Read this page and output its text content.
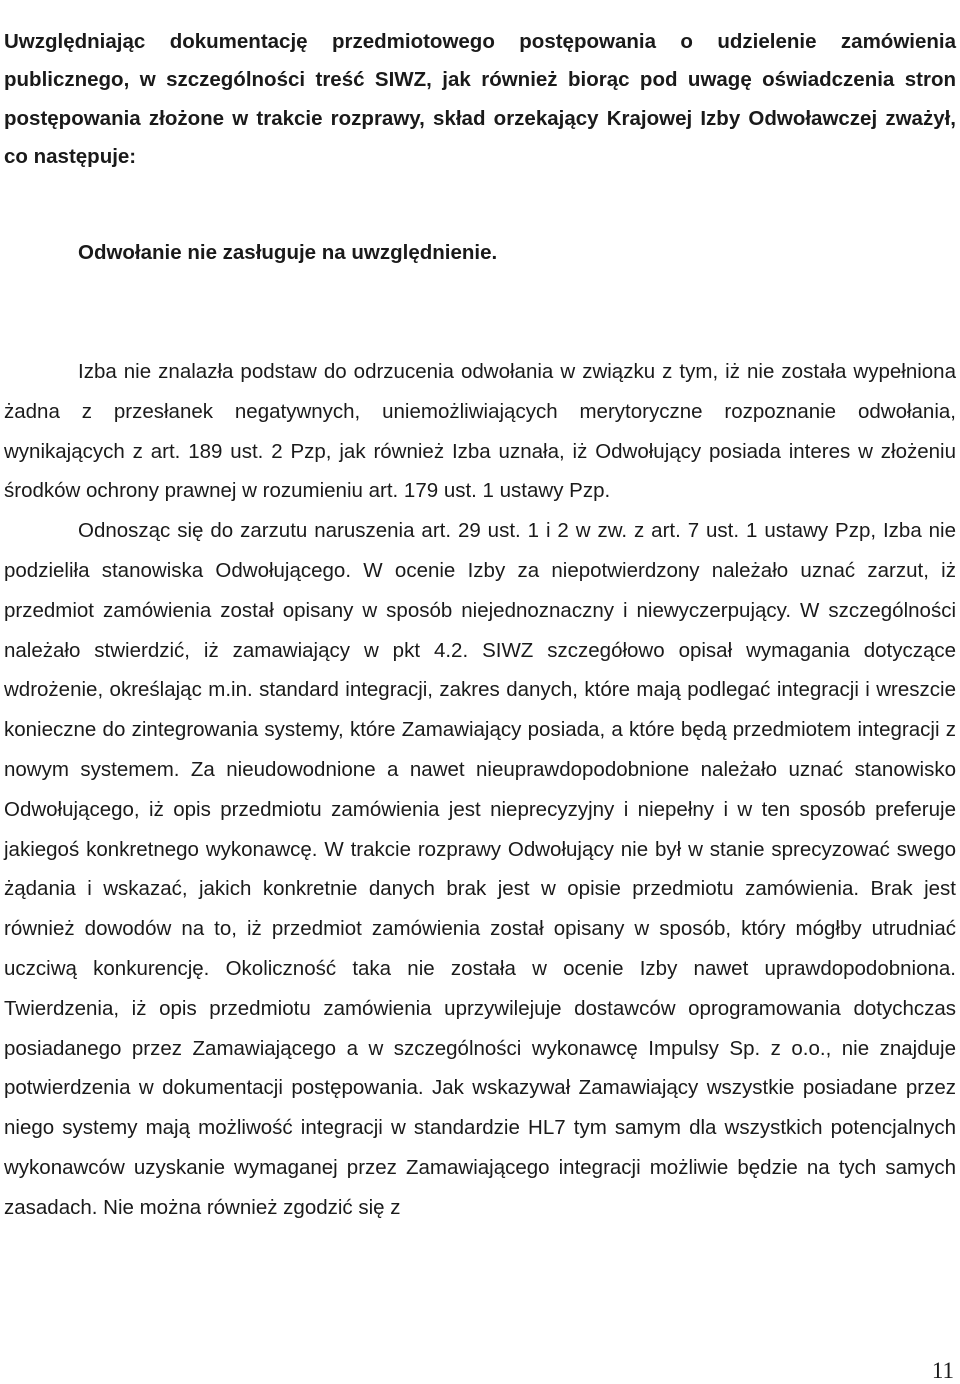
Uwzględniając dokumentację przedmiotowego postępowania o udzielenie zamówienia publicznego, w szczególności treść SIWZ, jak również biorąc pod uwagę oświadczenia stron postępowania złożone w trakcie rozprawy, skład orzekający Krajowej Izby Odwoławczej zważył, co następuje:

Odwołanie nie zasługuje na uwzględnienie.

Izba nie znalazła podstaw do odrzucenia odwołania w związku z tym, iż nie została wypełniona żadna z przesłanek negatywnych, uniemożliwiających merytoryczne rozpoznanie odwołania, wynikających z art. 189 ust. 2 Pzp, jak również Izba uznała, iż Odwołujący posiada interes w złożeniu środków ochrony prawnej w rozumieniu art. 179 ust. 1 ustawy Pzp.

Odnosząc się do zarzutu naruszenia art. 29 ust. 1 i 2 w zw. z art. 7 ust. 1 ustawy Pzp, Izba nie podzieliła stanowiska Odwołującego. W ocenie Izby za niepotwierdzony należało uznać zarzut, iż przedmiot zamówienia został opisany w sposób niejednoznaczny i niewyczerpujący. W szczególności należało stwierdzić, iż zamawiający w pkt 4.2. SIWZ szczegółowo opisał wymagania dotyczące wdrożenie, określając m.in. standard integracji, zakres danych, które mają podlegać integracji i wreszcie konieczne do zintegrowania systemy, które Zamawiający posiada, a które będą przedmiotem integracji z nowym systemem. Za nieudowodnione a nawet nieuprawdopodobnione należało uznać stanowisko Odwołującego, iż opis przedmiotu zamówienia jest nieprecyzyjny i niepełny i w ten sposób preferuje jakiegoś konkretnego wykonawcę. W trakcie rozprawy Odwołujący nie był w stanie sprecyzować swego żądania i wskazać, jakich konkretnie danych brak jest w opisie przedmiotu zamówienia. Brak jest również dowodów na to, iż przedmiot zamówienia został opisany w sposób, który mógłby utrudniać uczciwą konkurencję. Okoliczność taka nie została w ocenie Izby nawet uprawdopodobniona. Twierdzenia, iż opis przedmiotu zamówienia uprzywilejuje dostawców oprogramowania dotychczas posiadanego przez Zamawiającego a w szczególności wykonawcę Impulsy Sp. z o.o., nie znajduje potwierdzenia w dokumentacji postępowania. Jak wskazywał Zamawiający wszystkie posiadane przez niego systemy mają możliwość integracji w standardzie HL7 tym samym dla wszystkich potencjalnych wykonawców uzyskanie wymaganej przez Zamawiającego integracji możliwie będzie na tych samych zasadach. Nie można również zgodzić się z

11
